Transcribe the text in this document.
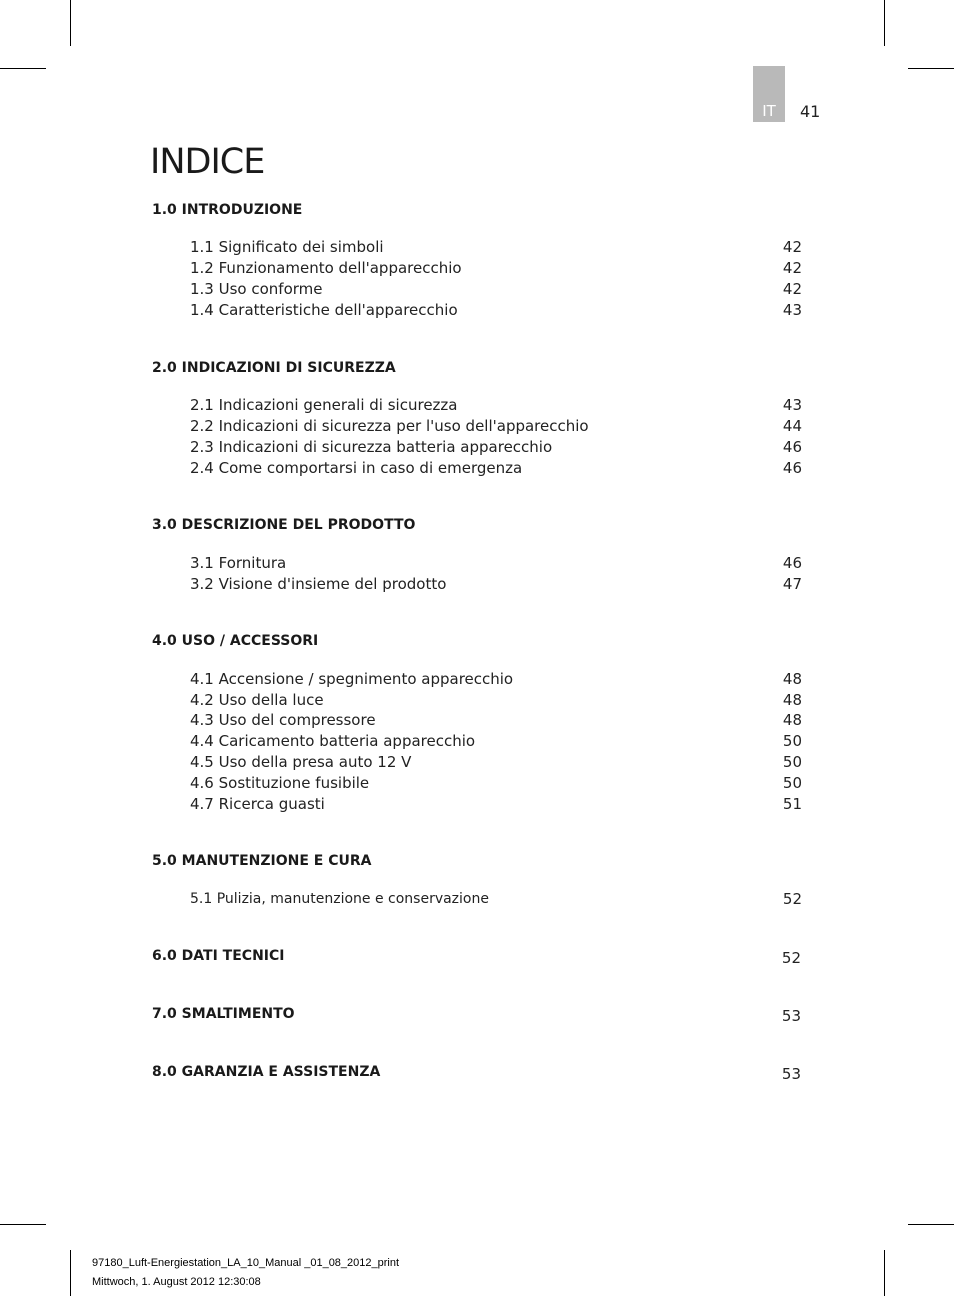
IT	41
INDICE
1.0 INTRODUZIONE
1.1 Significato dei simboli	42
1.2 Funzionamento dell'apparecchio	42
1.3 Uso conforme	42
1.4 Caratteristiche dell'apparecchio	43
2.0 INDICAZIONI DI SICUREZZA
2.1 Indicazioni generali di sicurezza	43
2.2 Indicazioni di sicurezza per l'uso dell'apparecchio	44
2.3 Indicazioni di sicurezza batteria apparecchio	46
2.4 Come comportarsi in caso di emergenza	46
3.0 DESCRIZIONE DEL PRODOTTO
3.1 Fornitura	46
3.2 Visione d'insieme del prodotto	47
4.0 USO / ACCESSORI
4.1 Accensione / spegnimento apparecchio	48
4.2 Uso della luce	48
4.3 Uso del compressore	48
4.4 Caricamento batteria apparecchio	50
4.5 Uso della presa auto 12 V	50
4.6 Sostituzione fusibile	50
4.7 Ricerca guasti	51
5.0 MANUTENZIONE E CURA
5.1 Pulizia, manutenzione e conservazione	52
6.0 DATI TECNICI	52
7.0 SMALTIMENTO	53
8.0 GARANZIA E ASSISTENZA	53
97180_Luft-Energiestation_LA_10_Manual _01_08_2012_print
Mittwoch, 1. August 2012 12:30:08
